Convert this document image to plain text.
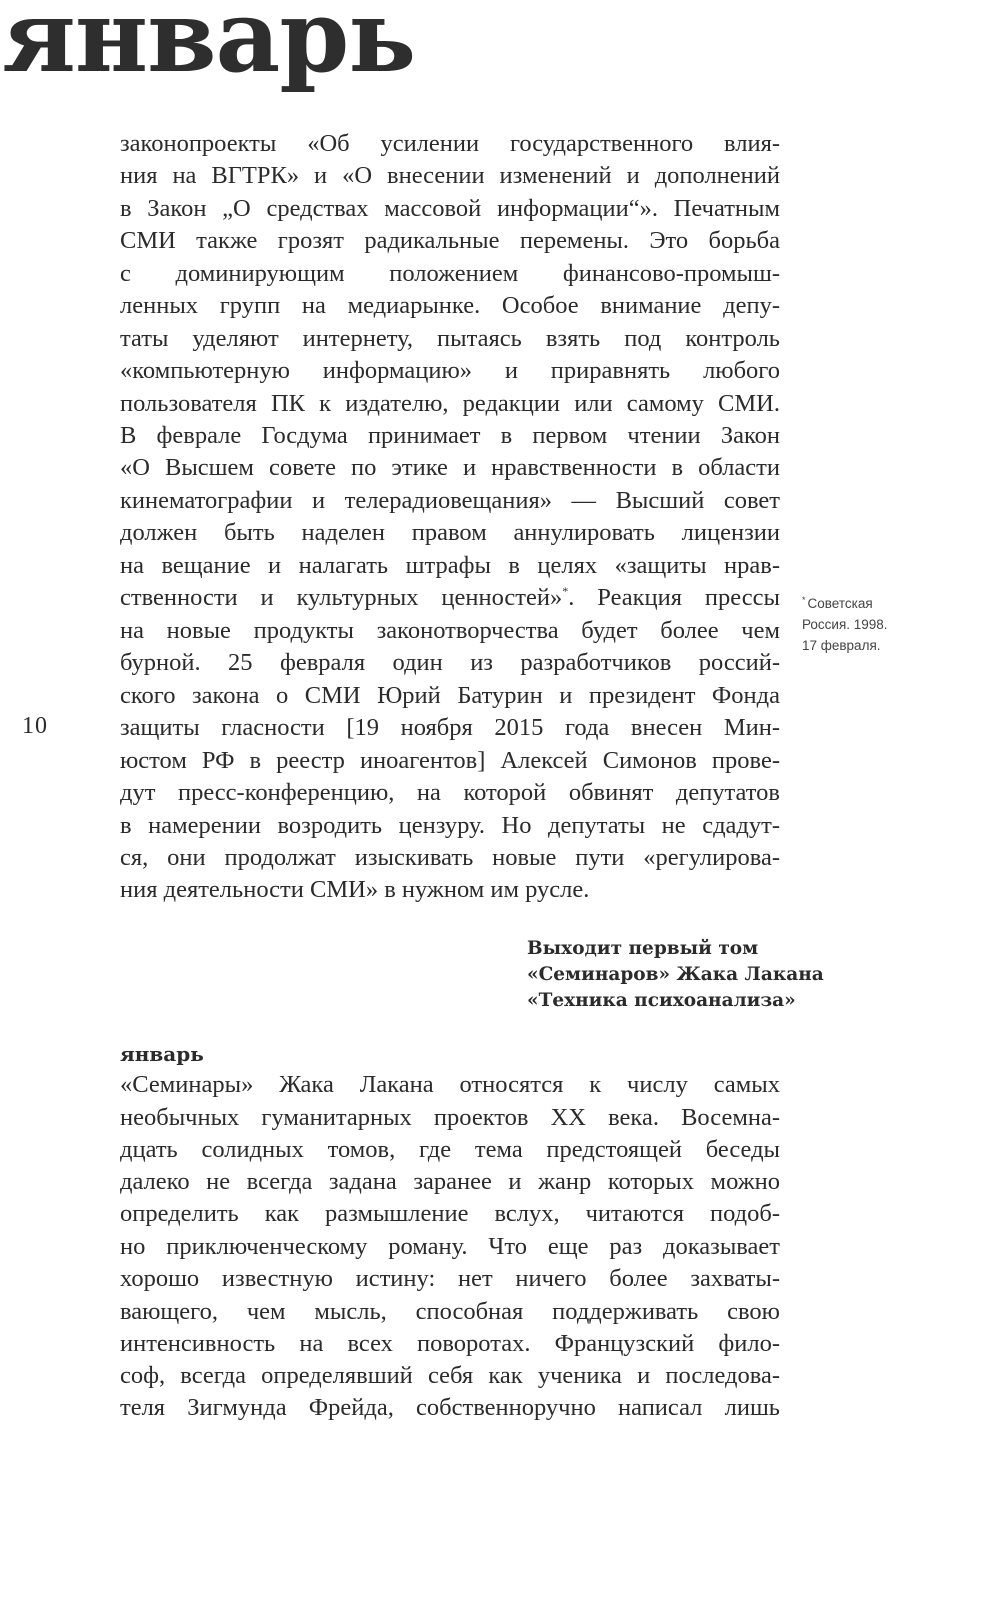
январь
законопроекты «Об усилении государственного влия-
ния на ВГТРК» и «О внесении изменений и дополнений
в Закон „О средствах массовой информации“». Печатным
СМИ также грозят радикальные перемены. Это борьба
с доминирующим положением финансово-промыш-
ленных групп на медиарынке. Особое внимание депу-
таты уделяют интернету, пытаясь взять под контроль
«компьютерную информацию» и приравнять любого
пользователя ПК к издателю, редакции или самому СМИ.
В феврале Госдума принимает в первом чтении Закон
«О Высшем совете по этике и нравственности в области
кинематографии и телерадиовещания» — Высший совет
должен быть наделен правом аннулировать лицензии
на вещание и налагать штрафы в целях «защиты нрав-
ственности и культурных ценностей»*. Реакция прессы
на новые продукты законотворчества будет более чем
бурной. 25 февраля один из разработчиков россий-
ского закона о СМИ Юрий Батурин и президент Фонда
защиты гласности [19 ноября 2015 года внесен Мин-
юстом РФ в реестр иноагентов] Алексей Симонов прове-
дут пресс-конференцию, на которой обвинят депутатов
в намерении возродить цензуру. Но депутаты не сдадут-
ся, они продолжат изыскивать новые пути «регулирова-
ния деятельности СМИ» в нужном им русле.
10
* Советская
Россия. 1998.
17 февраля.
Выходит первый том
«Семинаров» Жака Лакана
«Техника психоанализа»
январь
«Семинары» Жака Лакана относятся к числу самых
необычных гуманитарных проектов XX века. Восемна-
дцать солидных томов, где тема предстоящей беседы
далеко не всегда задана заранее и жанр которых можно
определить как размышление вслух, читаются подоб-
но приключенческому роману. Что еще раз доказывает
хорошо известную истину: нет ничего более захваты-
вающего, чем мысль, способная поддерживать свою
интенсивность на всех поворотах. Французский фило-
соф, всегда определявший себя как ученика и последова-
теля Зигмунда Фрейда, собственноручно написал лишь
